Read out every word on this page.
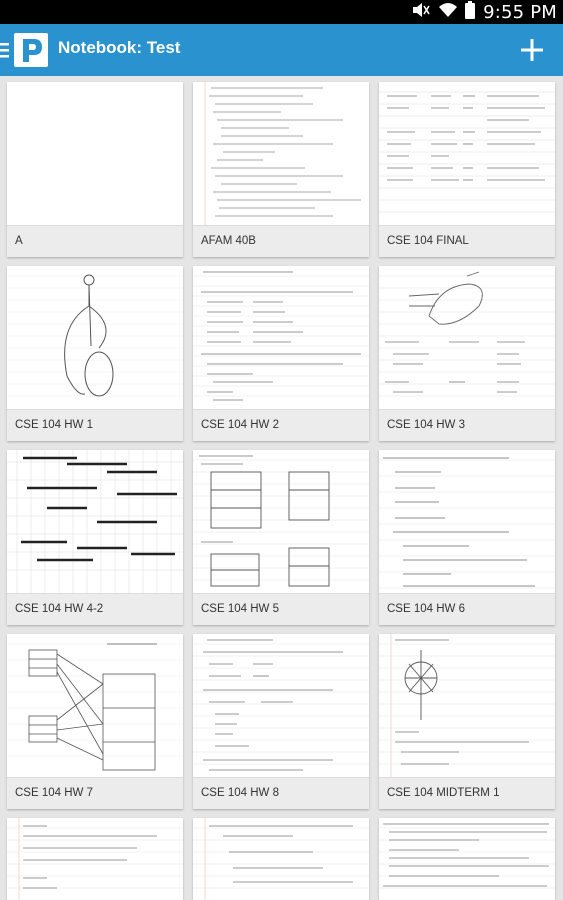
9:55 PM
Notebook: Test
A	AFAM 40B	CSE 104 FINAL
CSE 104 HW 1	CSE 104 HW 2	CSE 104 HW 3
CSE 104 HW 4-2	CSE 104 HW 5	CSE 104 HW 6
CSE 104 HW 7	CSE 104 HW 8	CSE 104 MIDTERM 1
